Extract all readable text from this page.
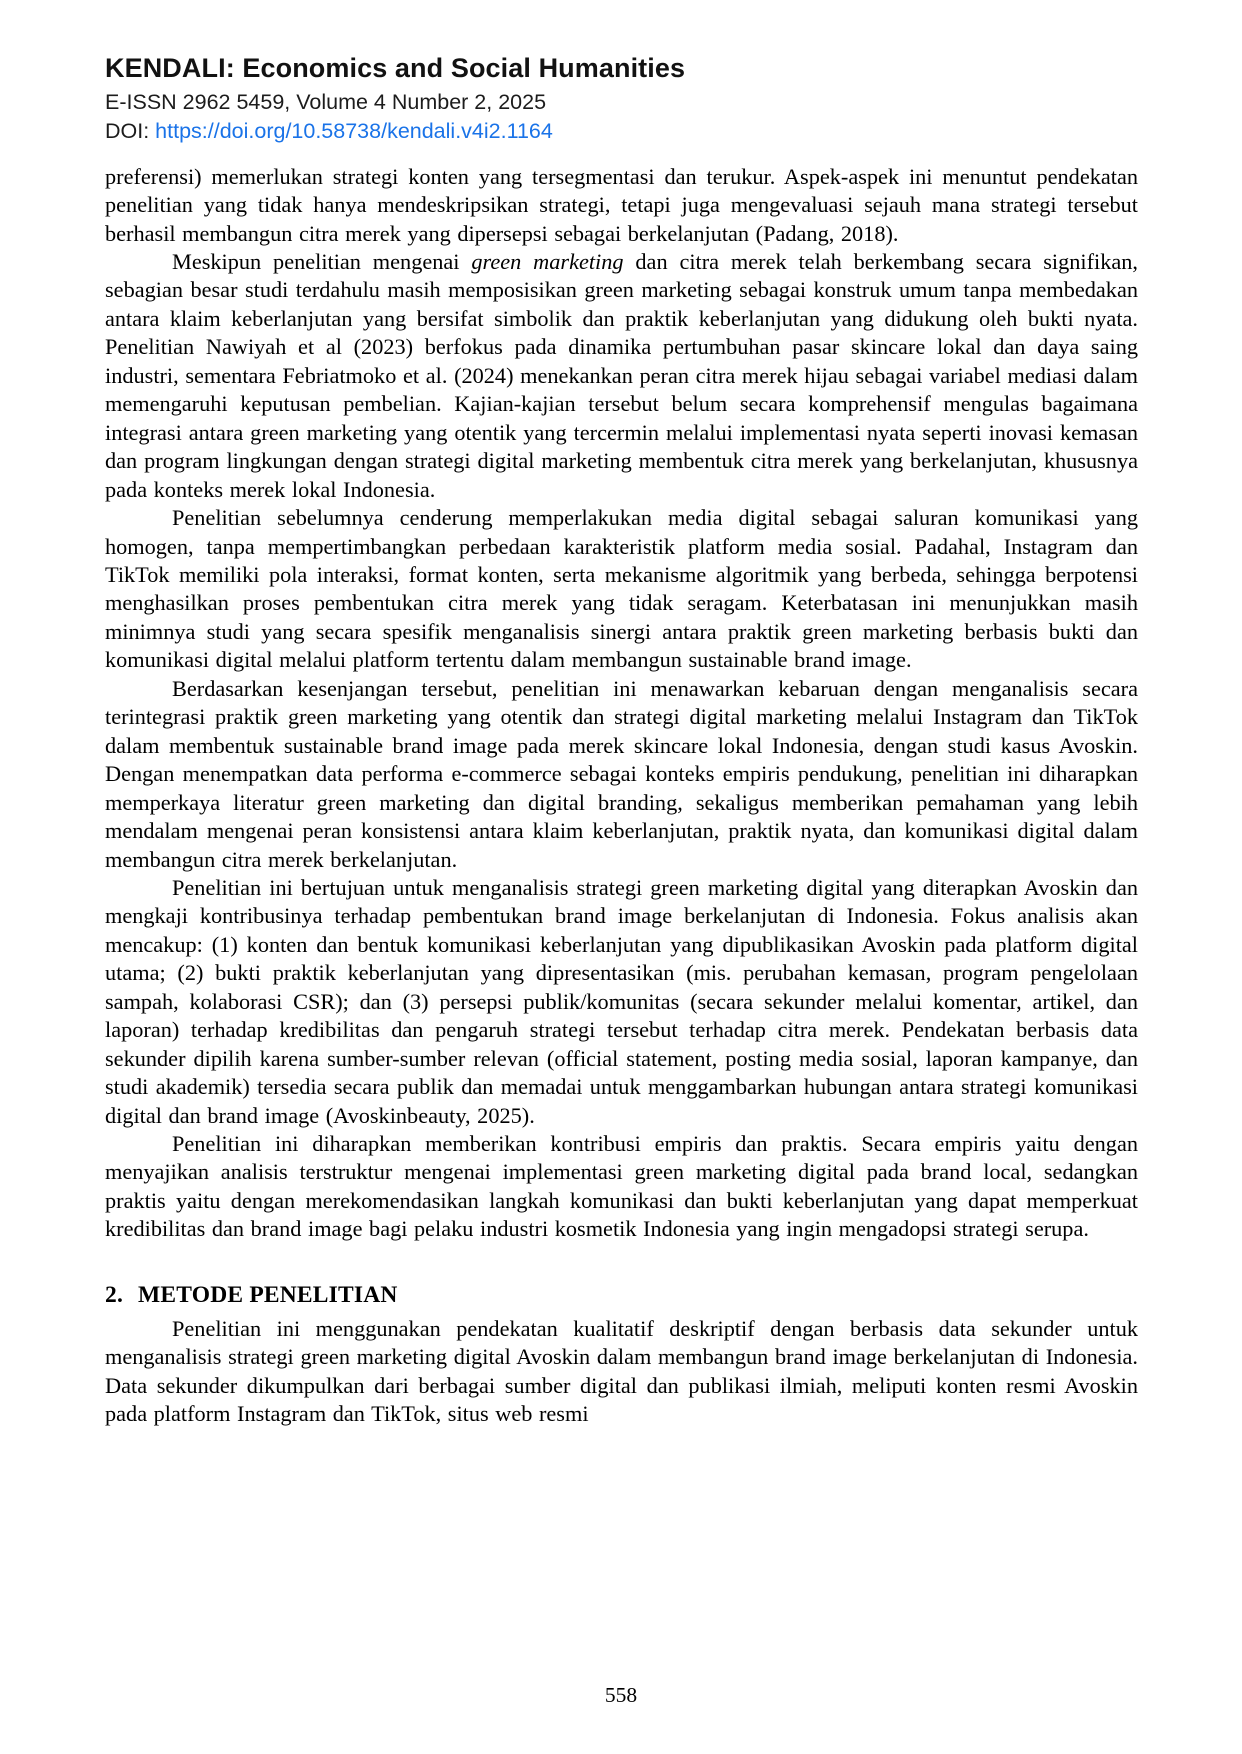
KENDALI: Economics and Social Humanities
E-ISSN 2962 5459, Volume 4 Number 2, 2025
DOI: https://doi.org/10.58738/kendali.v4i2.1164

preferensi) memerlukan strategi konten yang tersegmentasi dan terukur. Aspek-aspek ini menuntut pendekatan penelitian yang tidak hanya mendeskripsikan strategi, tetapi juga mengevaluasi sejauh mana strategi tersebut berhasil membangun citra merek yang dipersepsi sebagai berkelanjutan (Padang, 2018).

Meskipun penelitian mengenai green marketing dan citra merek telah berkembang secara signifikan, sebagian besar studi terdahulu masih memposisikan green marketing sebagai konstruk umum tanpa membedakan antara klaim keberlanjutan yang bersifat simbolik dan praktik keberlanjutan yang didukung oleh bukti nyata. Penelitian Nawiyah et al (2023) berfokus pada dinamika pertumbuhan pasar skincare lokal dan daya saing industri, sementara Febriatmoko et al. (2024) menekankan peran citra merek hijau sebagai variabel mediasi dalam memengaruhi keputusan pembelian. Kajian-kajian tersebut belum secara komprehensif mengulas bagaimana integrasi antara green marketing yang otentik yang tercermin melalui implementasi nyata seperti inovasi kemasan dan program lingkungan dengan strategi digital marketing membentuk citra merek yang berkelanjutan, khususnya pada konteks merek lokal Indonesia.

Penelitian sebelumnya cenderung memperlakukan media digital sebagai saluran komunikasi yang homogen, tanpa mempertimbangkan perbedaan karakteristik platform media sosial. Padahal, Instagram dan TikTok memiliki pola interaksi, format konten, serta mekanisme algoritmik yang berbeda, sehingga berpotensi menghasilkan proses pembentukan citra merek yang tidak seragam. Keterbatasan ini menunjukkan masih minimnya studi yang secara spesifik menganalisis sinergi antara praktik green marketing berbasis bukti dan komunikasi digital melalui platform tertentu dalam membangun sustainable brand image.

Berdasarkan kesenjangan tersebut, penelitian ini menawarkan kebaruan dengan menganalisis secara terintegrasi praktik green marketing yang otentik dan strategi digital marketing melalui Instagram dan TikTok dalam membentuk sustainable brand image pada merek skincare lokal Indonesia, dengan studi kasus Avoskin. Dengan menempatkan data performa e-commerce sebagai konteks empiris pendukung, penelitian ini diharapkan memperkaya literatur green marketing dan digital branding, sekaligus memberikan pemahaman yang lebih mendalam mengenai peran konsistensi antara klaim keberlanjutan, praktik nyata, dan komunikasi digital dalam membangun citra merek berkelanjutan.

Penelitian ini bertujuan untuk menganalisis strategi green marketing digital yang diterapkan Avoskin dan mengkaji kontribusinya terhadap pembentukan brand image berkelanjutan di Indonesia. Fokus analisis akan mencakup: (1) konten dan bentuk komunikasi keberlanjutan yang dipublikasikan Avoskin pada platform digital utama; (2) bukti praktik keberlanjutan yang dipresentasikan (mis. perubahan kemasan, program pengelolaan sampah, kolaborasi CSR); dan (3) persepsi publik/komunitas (secara sekunder melalui komentar, artikel, dan laporan) terhadap kredibilitas dan pengaruh strategi tersebut terhadap citra merek. Pendekatan berbasis data sekunder dipilih karena sumber-sumber relevan (official statement, posting media sosial, laporan kampanye, dan studi akademik) tersedia secara publik dan memadai untuk menggambarkan hubungan antara strategi komunikasi digital dan brand image (Avoskinbeauty, 2025).

Penelitian ini diharapkan memberikan kontribusi empiris dan praktis. Secara empiris yaitu dengan menyajikan analisis terstruktur mengenai implementasi green marketing digital pada brand local, sedangkan praktis yaitu dengan merekomendasikan langkah komunikasi dan bukti keberlanjutan yang dapat memperkuat kredibilitas dan brand image bagi pelaku industri kosmetik Indonesia yang ingin mengadopsi strategi serupa.

2. METODE PENELITIAN

Penelitian ini menggunakan pendekatan kualitatif deskriptif dengan berbasis data sekunder untuk menganalisis strategi green marketing digital Avoskin dalam membangun brand image berkelanjutan di Indonesia. Data sekunder dikumpulkan dari berbagai sumber digital dan publikasi ilmiah, meliputi konten resmi Avoskin pada platform Instagram dan TikTok, situs web resmi

558
